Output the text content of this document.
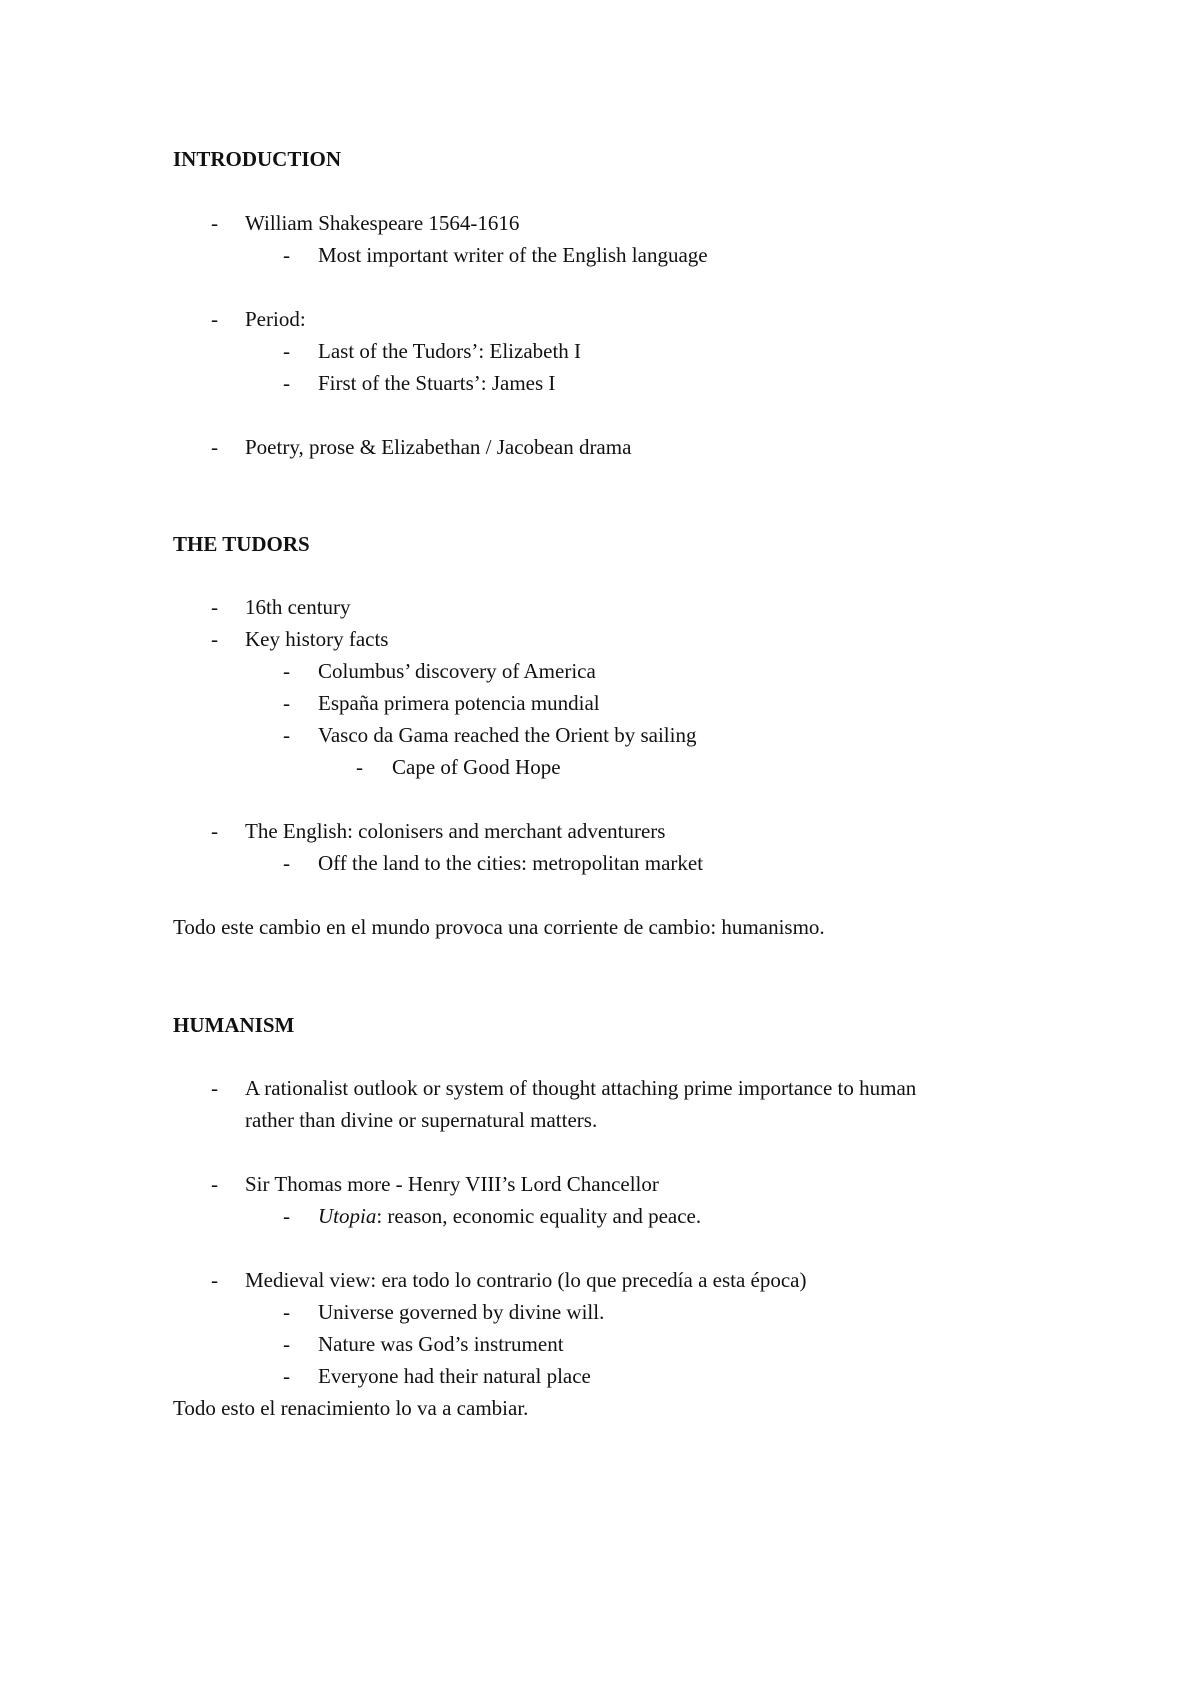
INTRODUCTION
- William Shakespeare 1564-1616
- Most important writer of the English language
- Period:
- Last of the Tudors’: Elizabeth I
- First of the Stuarts’: James I
- Poetry, prose & Elizabethan / Jacobean drama
THE TUDORS
- 16th century
- Key history facts
- Columbus’ discovery of America
- España primera potencia mundial
- Vasco da Gama reached the Orient by sailing
- Cape of Good Hope
- The English: colonisers and merchant adventurers
- Off the land to the cities: metropolitan market
Todo este cambio en el mundo provoca una corriente de cambio: humanismo.
HUMANISM
- A rationalist outlook or system of thought attaching prime importance to human
rather than divine or supernatural matters.
- Sir Thomas more - Henry VIII’s Lord Chancellor
- Utopia: reason, economic equality and peace.
- Medieval view: era todo lo contrario (lo que precedía a esta época)
- Universe governed by divine will.
- Nature was God’s instrument
- Everyone had their natural place
Todo esto el renacimiento lo va a cambiar.
